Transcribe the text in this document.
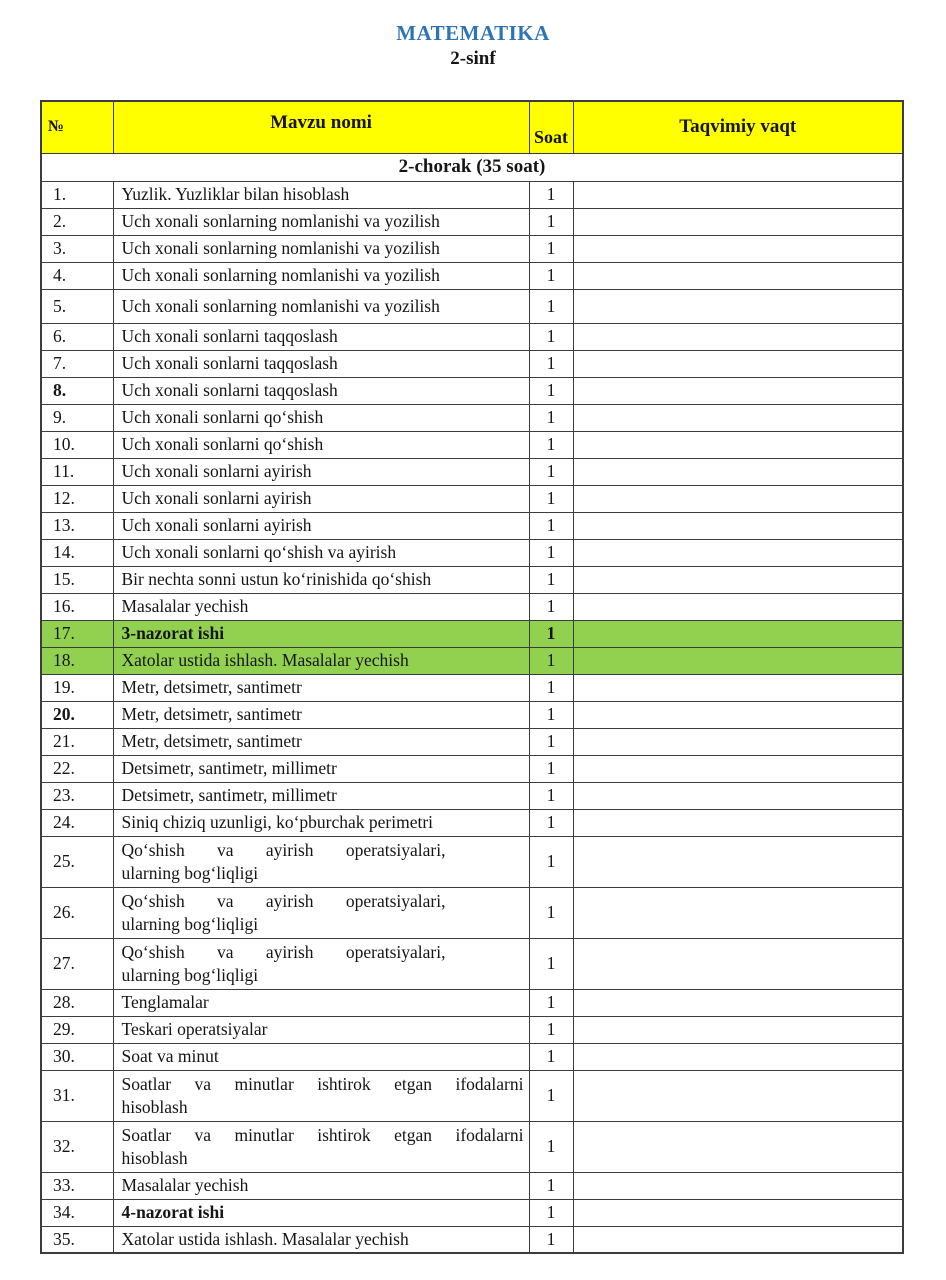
MATEMATIKA
2-sinf
№	Mavzu nomi	Soat	Taqvimiy vaqt
2-chorak (35 soat)			
1.	Yuzlik. Yuzliklar bilan hisoblash	1	
2.	Uch xonali sonlarning nomlanishi va yozilish	1	
3.	Uch xonali sonlarning nomlanishi va yozilish	1	
4.	Uch xonali sonlarning nomlanishi va yozilish	1	
5.	Uch xonali sonlarning nomlanishi va yozilish	1	
6.	Uch xonali sonlarni taqqoslash	1	
7.	Uch xonali sonlarni taqqoslash	1	
8.	Uch xonali sonlarni taqqoslash	1	
9.	Uch xonali sonlarni qoʻshish	1	
10.	Uch xonali sonlarni qoʻshish	1	
11.	Uch xonali sonlarni ayirish	1	
12.	Uch xonali sonlarni ayirish	1	
13.	Uch xonali sonlarni ayirish	1	
14.	Uch xonali sonlarni qoʻshish va ayirish	1	
15.	Bir nechta sonni ustun koʻrinishida qoʻshish	1	
16.	Masalalar yechish	1	
17.	3-nazorat ishi	1	
18.	Xatolar ustida ishlash. Masalalar yechish	1	
19.	Metr, detsimetr, santimetr	1	
20.	Metr, detsimetr, santimetr	1	
21.	Metr, detsimetr, santimetr	1	
22.	Detsimetr, santimetr, millimetr	1	
23.	Detsimetr, santimetr, millimetr	1	
24.	Siniq chiziq uzunligi, koʻpburchak perimetri	1	
25.	Qoʻshish va ayirish operatsiyalari,
ularning bogʻliqligi	1	
26.	Qoʻshish va ayirish operatsiyalari,
ularning bogʻliqligi	1	
27.	Qoʻshish va ayirish operatsiyalari,
ularning bogʻliqligi	1	
28.	Tenglamalar	1	
29.	Teskari operatsiyalar	1	
30.	Soat va minut	1	
31.	Soatlar va minutlar ishtirok etgan ifodalarni
hisoblash	1	
32.	Soatlar va minutlar ishtirok etgan ifodalarni
hisoblash	1	
33.	Masalalar yechish	1	
34.	4-nazorat ishi	1	
35.	Xatolar ustida ishlash. Masalalar yechish	1	
